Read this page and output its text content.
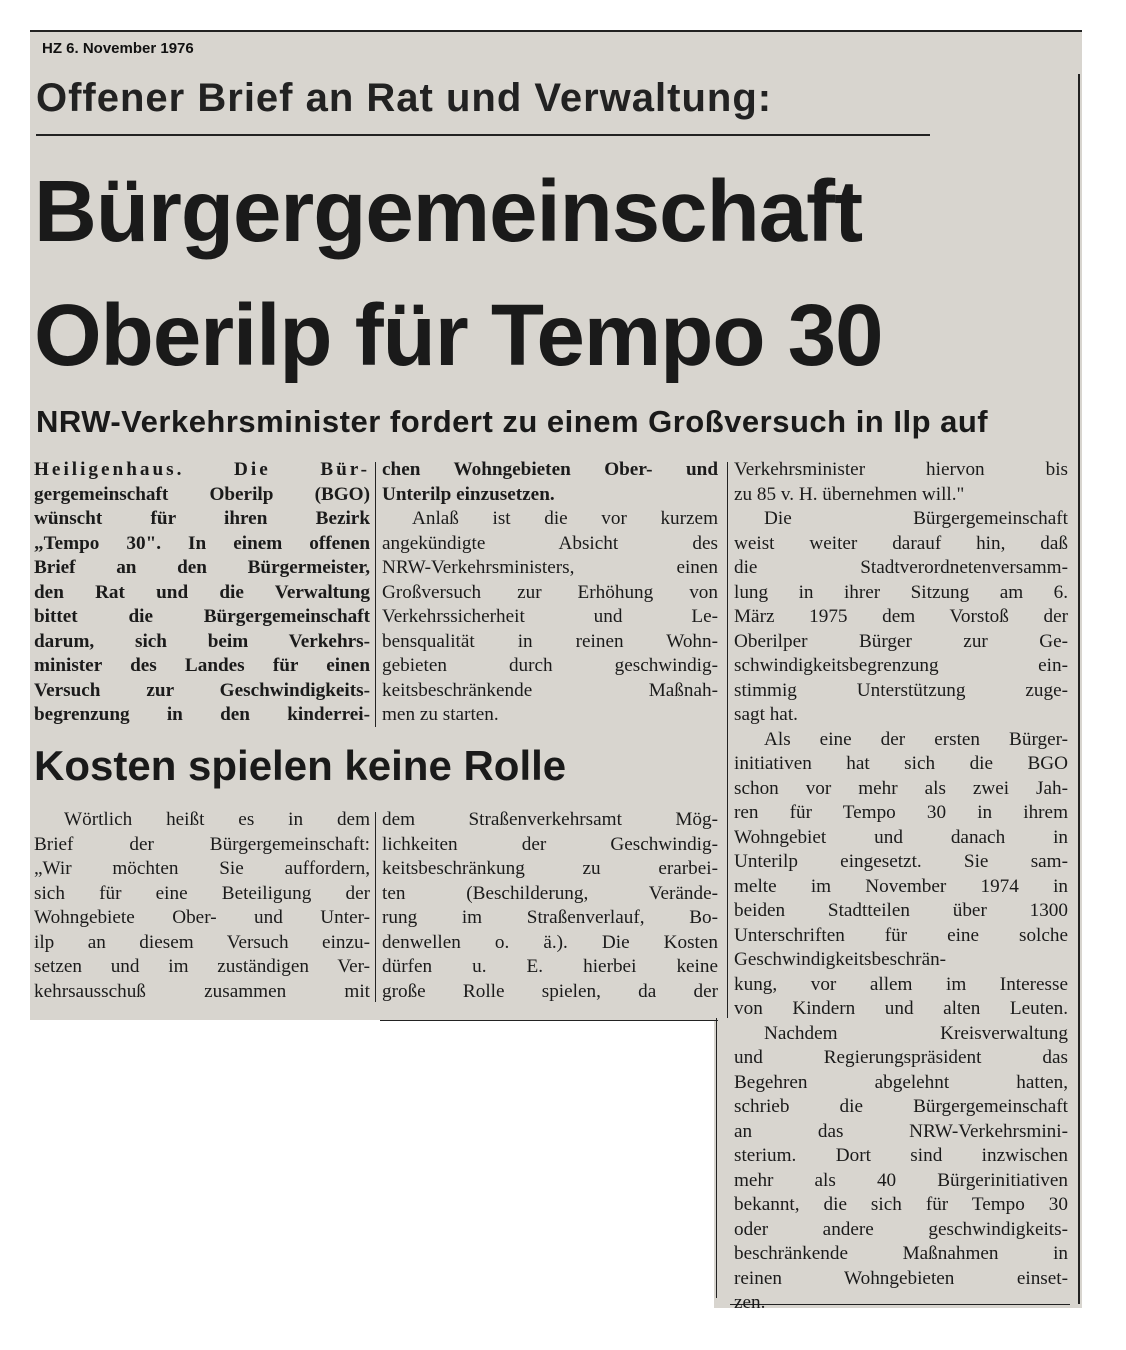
HZ 6. November 1976
Offener Brief an Rat und Verwaltung:
Bürgergemeinschaft
Oberilp für Tempo 30
NRW-Verkehrsminister fordert zu einem Großversuch in Ilp auf
Kosten spielen keine Rolle
Heiligenhaus. Die Bür-
gergemeinschaft Oberilp (BGO)
wünscht für ihren Bezirk
„Tempo 30". In einem offenen
Brief an den Bürgermeister,
den Rat und die Verwaltung
bittet die Bürgergemeinschaft
darum, sich beim Verkehrs-
minister des Landes für einen
Versuch zur Geschwindigkeits-
begrenzung in den kinderrei-
chen Wohngebieten Ober- und
Unterilp einzusetzen.
Anlaß ist die vor kurzem
angekündigte Absicht des
NRW-Verkehrsministers, einen
Großversuch zur Erhöhung von
Verkehrssicherheit und Le-
bensqualität in reinen Wohn-
gebieten durch geschwindig-
keitsbeschränkende Maßnah-
men zu starten.
Wörtlich heißt es in dem
Brief der Bürgergemeinschaft:
„Wir möchten Sie auffordern,
sich für eine Beteiligung der
Wohngebiete Ober- und Unter-
ilp an diesem Versuch einzu-
setzen und im zuständigen Ver-
kehrsausschuß zusammen mit
dem Straßenverkehrsamt Mög-
lichkeiten der Geschwindig-
keitsbeschränkung zu erarbei-
ten (Beschilderung, Verände-
rung im Straßenverlauf, Bo-
denwellen o. ä.). Die Kosten
dürfen u. E. hierbei keine
große Rolle spielen, da der
Verkehrsminister hiervon bis
zu 85 v. H. übernehmen will."
Die Bürgergemeinschaft
weist weiter darauf hin, daß
die Stadtverordnetenversamm-
lung in ihrer Sitzung am 6.
März 1975 dem Vorstoß der
Oberilper Bürger zur Ge-
schwindigkeitsbegrenzung ein-
stimmig Unterstützung zuge-
sagt hat.
Als eine der ersten Bürger-
initiativen hat sich die BGO
schon vor mehr als zwei Jah-
ren für Tempo 30 in ihrem
Wohngebiet und danach in
Unterilp eingesetzt. Sie sam-
melte im November 1974 in
beiden Stadtteilen über 1300
Unterschriften für eine solche
Geschwindigkeitsbeschrän-
kung, vor allem im Interesse
von Kindern und alten Leuten.
Nachdem Kreisverwaltung
und Regierungspräsident das
Begehren abgelehnt hatten,
schrieb die Bürgergemeinschaft
an das NRW-Verkehrsmini-
sterium. Dort sind inzwischen
mehr als 40 Bürgerinitiativen
bekannt, die sich für Tempo 30
oder andere geschwindigkeits-
beschränkende Maßnahmen in
reinen Wohngebieten einset-
zen.
